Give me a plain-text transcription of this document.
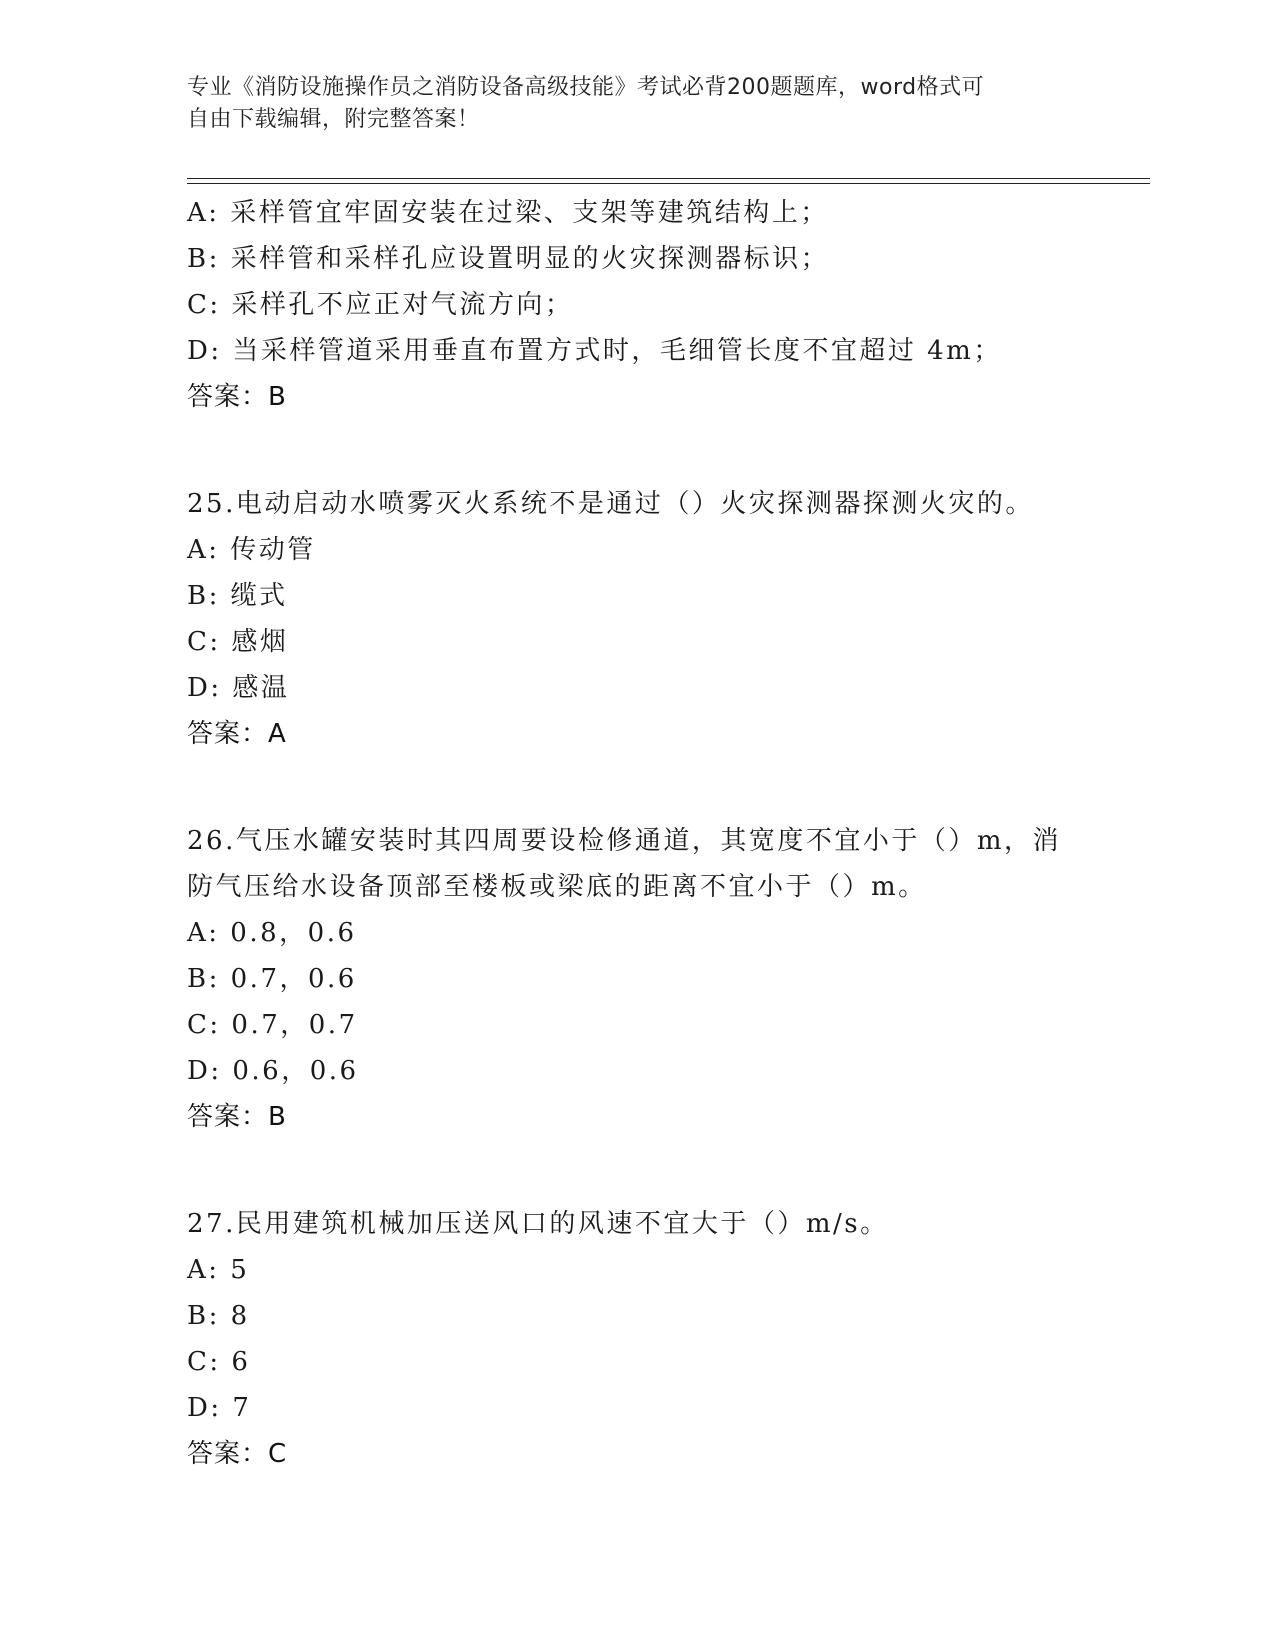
专业《消防设施操作员之消防设备高级技能》考试必背200题题库，word格式可
自由下载编辑，附完整答案！
A: 采样管宜牢固安装在过梁、支架等建筑结构上；
B: 采样管和采样孔应设置明显的火灾探测器标识；
C: 采样孔不应正对气流方向；
D: 当采样管道采用垂直布置方式时，毛细管长度不宜超过 4m；
答案：B
25.电动启动水喷雾灭火系统不是通过（）火灾探测器探测火灾的。
A: 传动管
B: 缆式
C: 感烟
D: 感温
答案：A
26.气压水罐安装时其四周要设检修通道，其宽度不宜小于（）m，消
防气压给水设备顶部至楼板或梁底的距离不宜小于（）m。
A: 0.8，0.6
B: 0.7，0.6
C: 0.7，0.7
D: 0.6，0.6
答案：B
27.民用建筑机械加压送风口的风速不宜大于（）m/s。
A: 5
B: 8
C: 6
D: 7
答案：C
